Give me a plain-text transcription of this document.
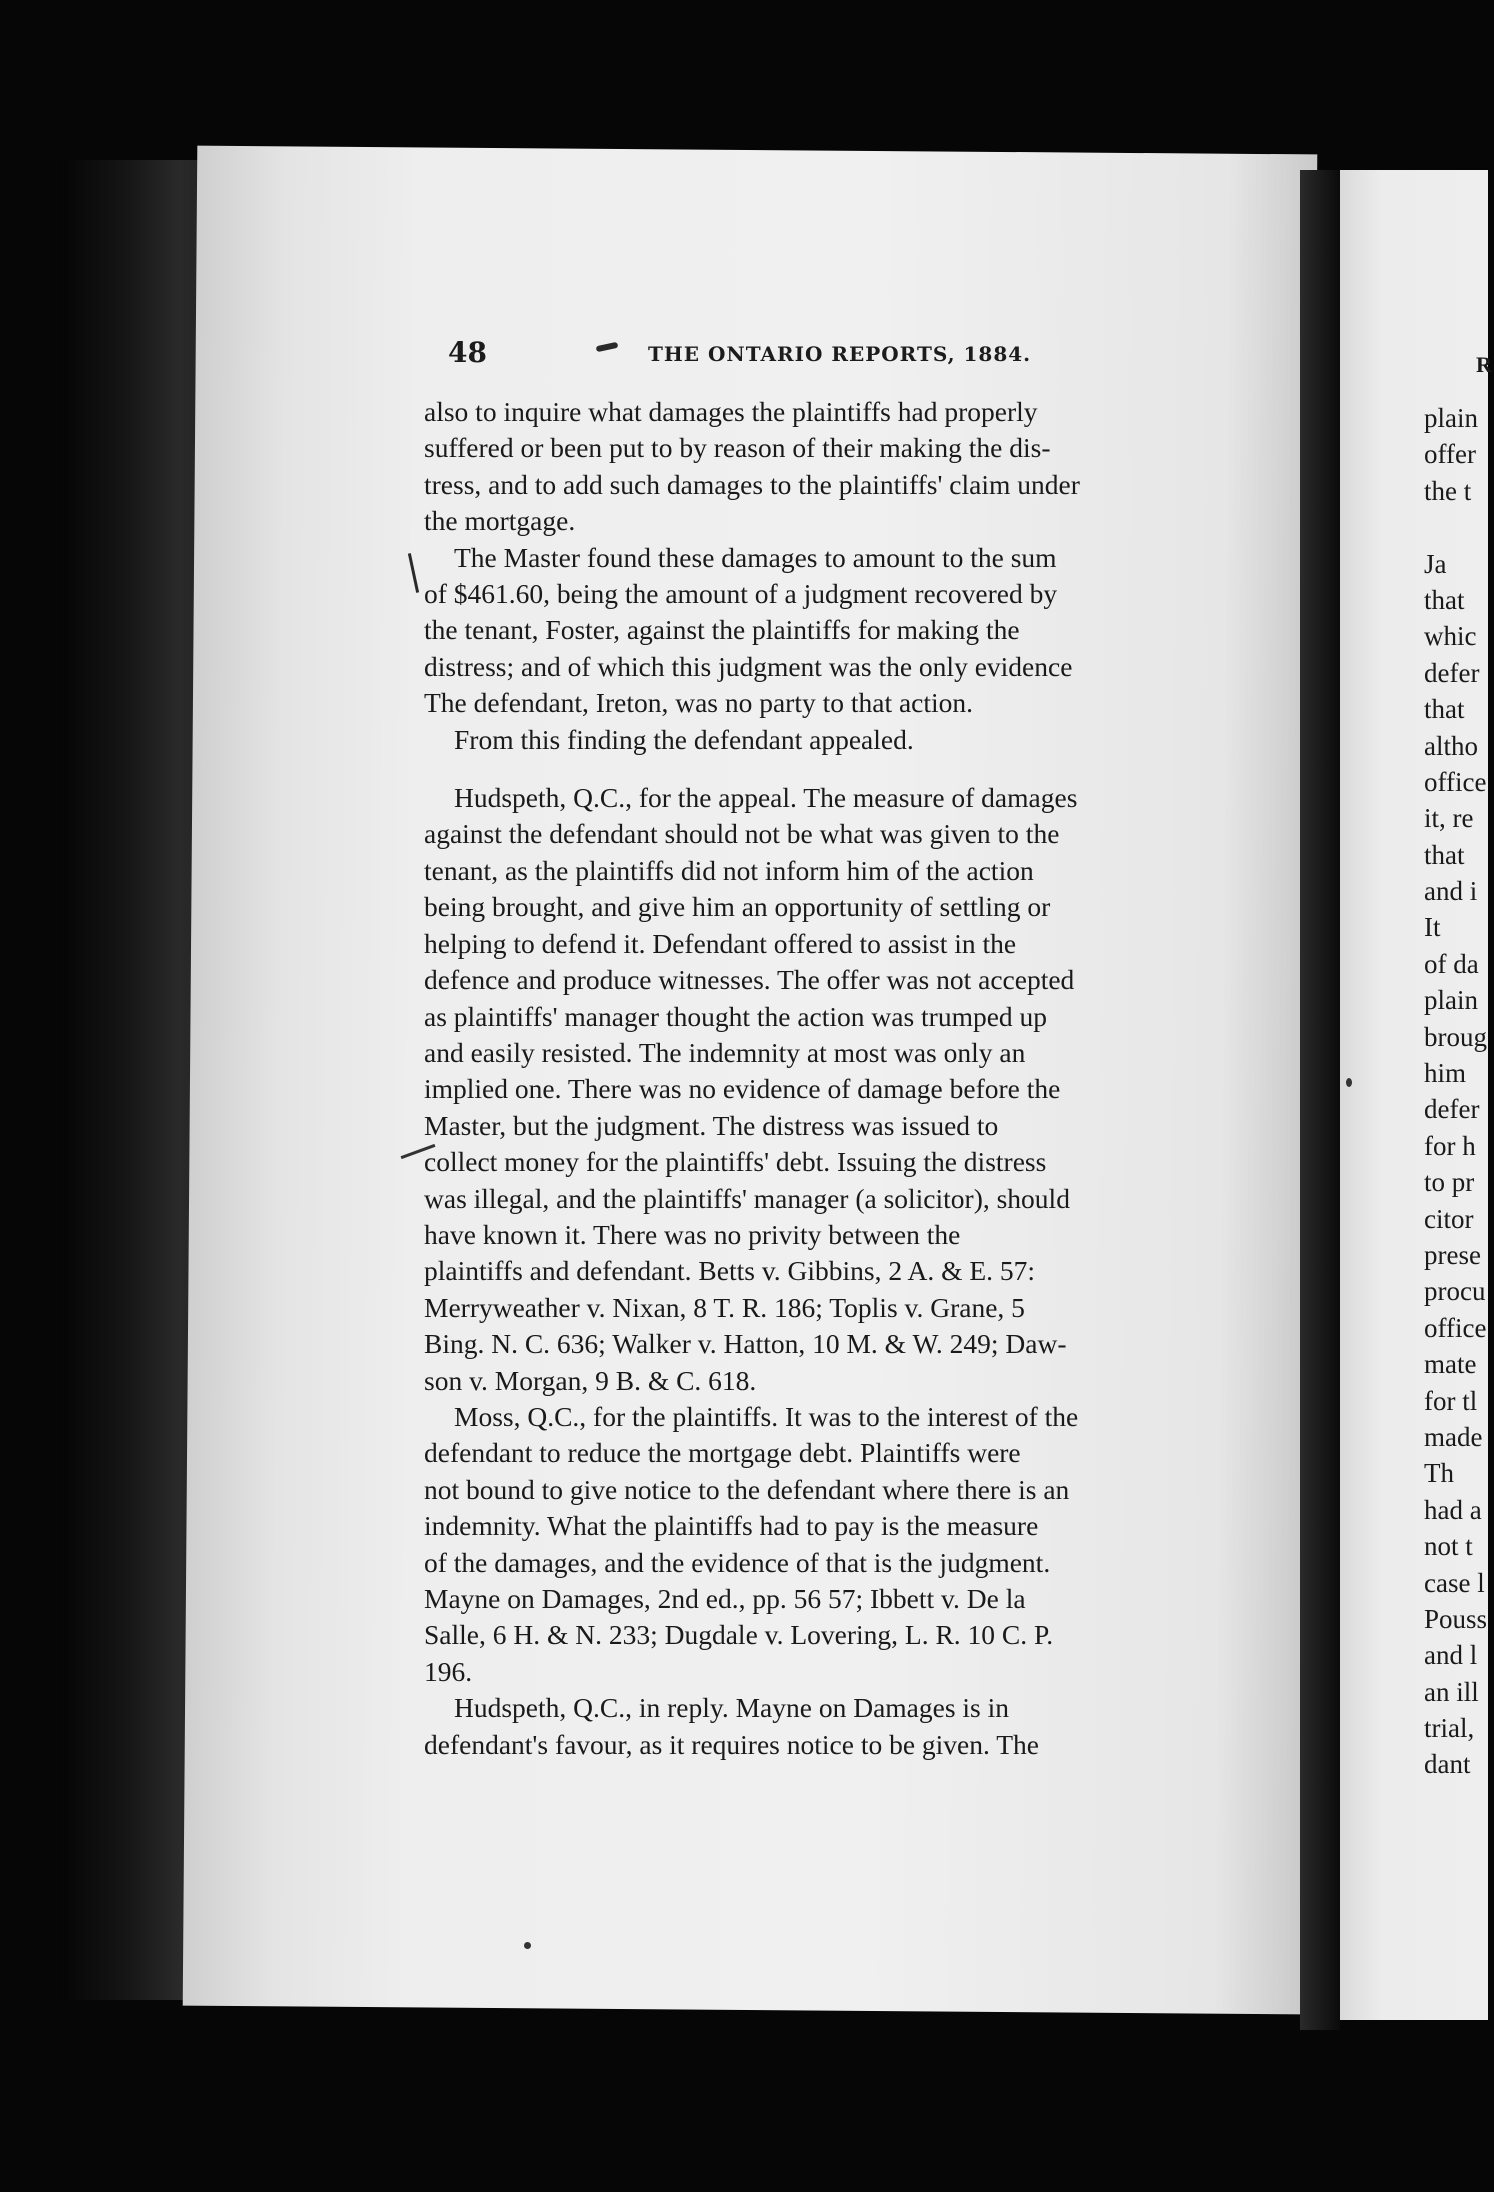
48	THE ONTARIO REPORTS, 1884.

also to inquire what damages the plaintiffs had properly
suffered or been put to by reason of their making the dis-
tress, and to add such damages to the plaintiffs' claim under
the mortgage.

The Master found these damages to amount to the sum
of $461.60, being the amount of a judgment recovered by
the tenant, Foster, against the plaintiffs for making the
distress; and of which this judgment was the only evidence
The defendant, Ireton, was no party to that action.

From this finding the defendant appealed.

Hudspeth, Q.C., for the appeal. The measure of damages
against the defendant should not be what was given to the
tenant, as the plaintiffs did not inform him of the action
being brought, and give him an opportunity of settling or
helping to defend it. Defendant offered to assist in the
defence and produce witnesses. The offer was not accepted
as plaintiffs' manager thought the action was trumped up
and easily resisted. The indemnity at most was only an
implied one. There was no evidence of damage before the
Master, but the judgment. The distress was issued to
collect money for the plaintiffs' debt. Issuing the distress
was illegal, and the plaintiffs' manager (a solicitor), should
have known it. There was no privity between the
plaintiffs and defendant. Betts v. Gibbins, 2 A. & E. 57:
Merryweather v. Nixan, 8 T. R. 186; Toplis v. Grane, 5
Bing. N. C. 636; Walker v. Hatton, 10 M. & W. 249; Daw-
son v. Morgan, 9 B. & C. 618.

Moss, Q.C., for the plaintiffs. It was to the interest of the
defendant to reduce the mortgage debt. Plaintiffs were
not bound to give notice to the defendant where there is an
indemnity. What the plaintiffs had to pay is the measure
of the damages, and the evidence of that is the judgment.
Mayne on Damages, 2nd ed., pp. 56 57; Ibbett v. De la
Salle, 6 H. & N. 233; Dugdale v. Lovering, L. R. 10 C. P.
196.

Hudspeth, Q.C., in reply. Mayne on Damages is in
defendant's favour, as it requires notice to be given. The

R
plain
offer
the t
Ja
that
whic
defer
that
altho
office
it, re
that
and i
It
of da
plain
broug
him
defer
for h
to pr
citor
prese
procu
office
mate
for tl
made
Th
had a
not t
case l
Pouss
and l
an ill
trial,
dant
